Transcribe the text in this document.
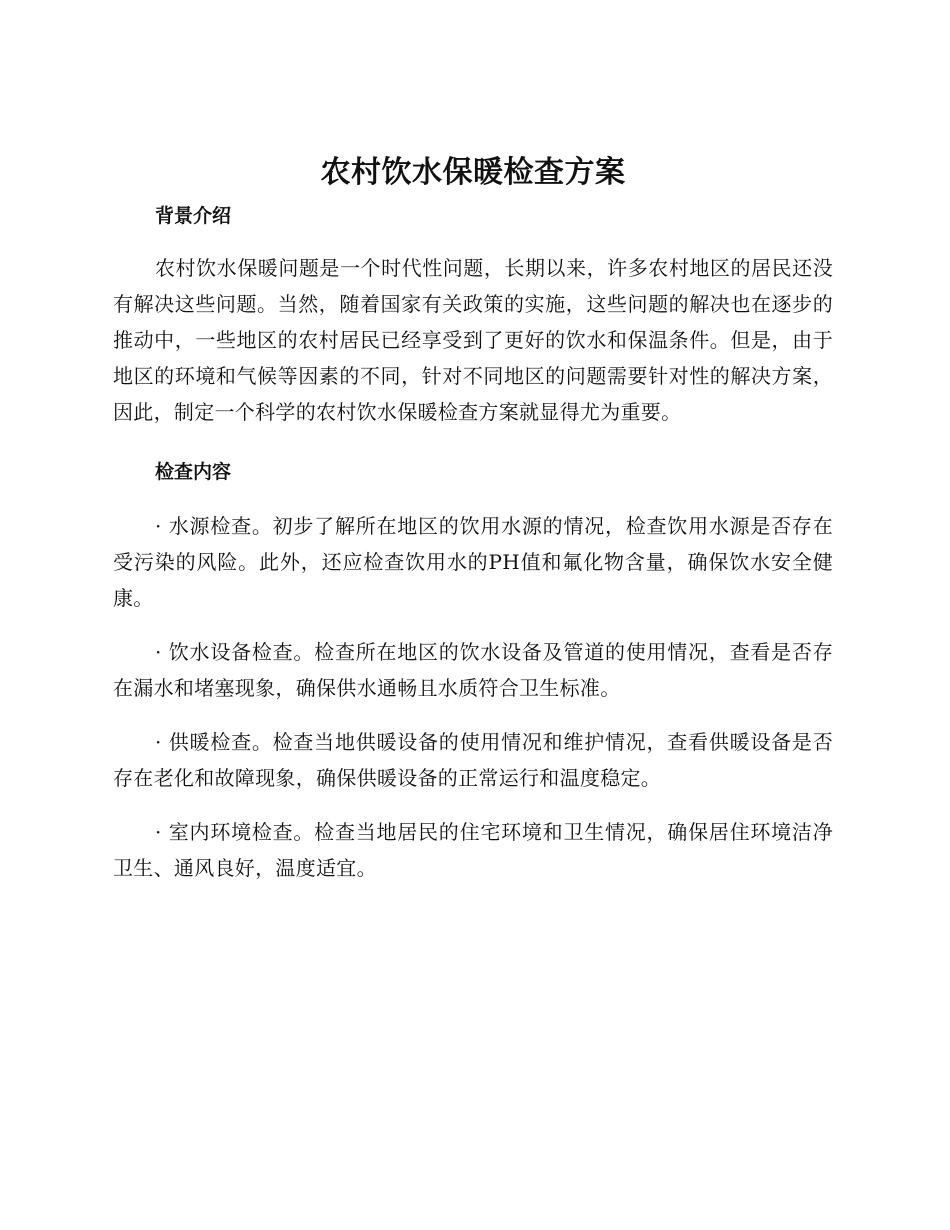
农村饮水保暖检查方案
背景介绍

农村饮水保暖问题是一个时代性问题，长期以来，许多农村地区的居民还没有解决这些问题。当然，随着国家有关政策的实施，这些问题的解决也在逐步的推动中，一些地区的农村居民已经享受到了更好的饮水和保温条件。但是，由于地区的环境和气候等因素的不同，针对不同地区的问题需要针对性的解决方案，因此，制定一个科学的农村饮水保暖检查方案就显得尤为重要。

检查内容

· 水源检查。初步了解所在地区的饮用水源的情况，检查饮用水源是否存在受污染的风险。此外，还应检查饮用水的PH值和氟化物含量，确保饮水安全健康。

· 饮水设备检查。检查所在地区的饮水设备及管道的使用情况，查看是否存在漏水和堵塞现象，确保供水通畅且水质符合卫生标准。

· 供暖检查。检查当地供暖设备的使用情况和维护情况，查看供暖设备是否存在老化和故障现象，确保供暖设备的正常运行和温度稳定。

· 室内环境检查。检查当地居民的住宅环境和卫生情况，确保居住环境洁净卫生、通风良好，温度适宜。
